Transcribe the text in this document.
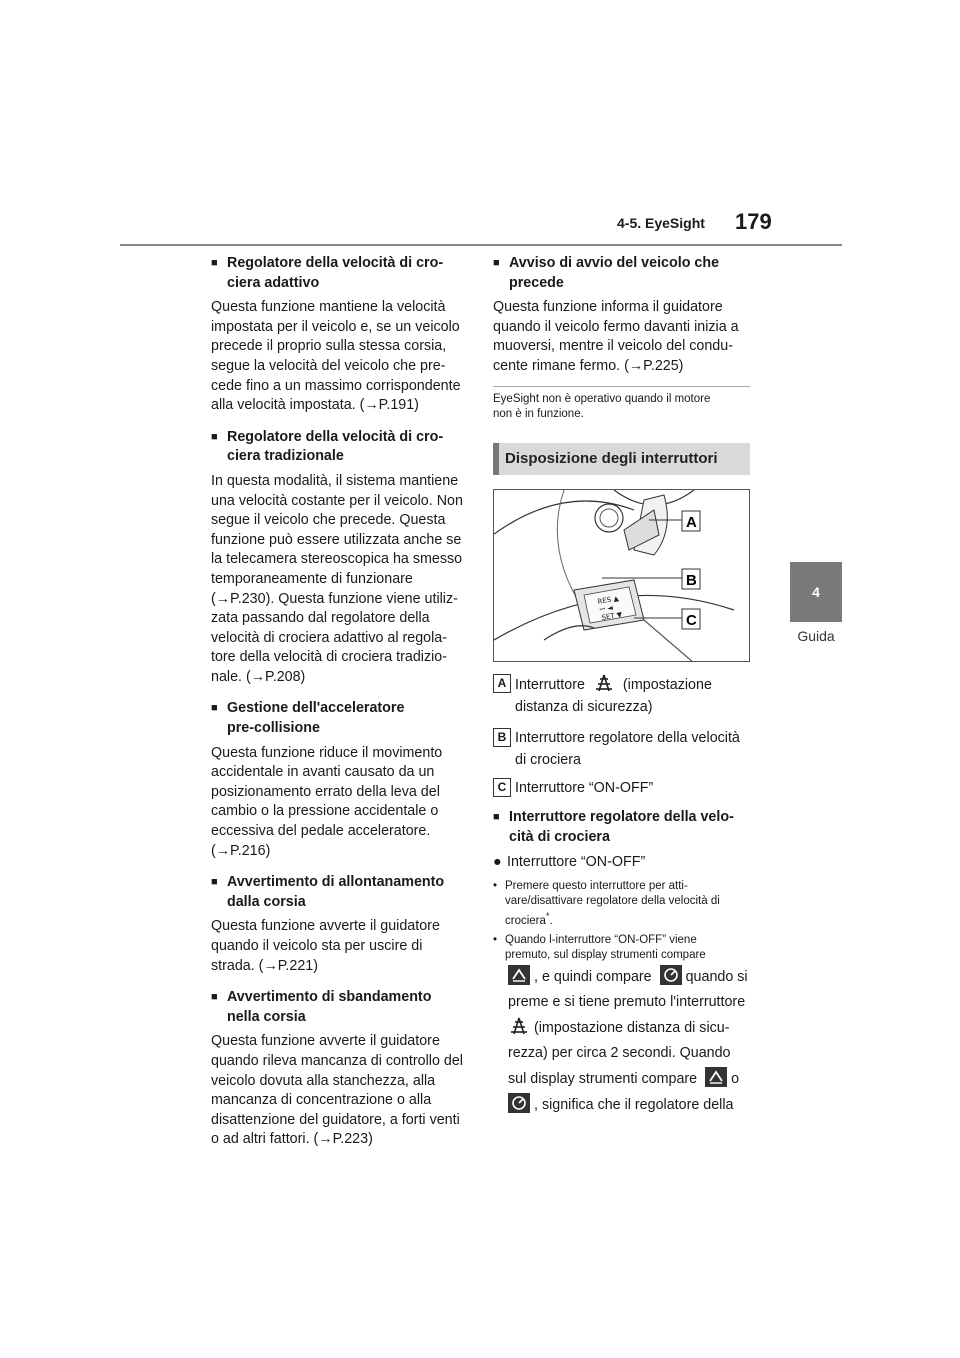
4-5. EyeSight 179
4
Guida
■ Regolatore della velocità di cro-
ciera adattivo
Questa funzione mantiene la velocità
impostata per il veicolo e, se un veicolo
precede il proprio sulla stessa corsia,
segue la velocità del veicolo che pre-
cede fino a un massimo corrispondente
alla velocità impostata. (→P.191)
■ Regolatore della velocità di cro-
ciera tradizionale
In questa modalità, il sistema mantiene
una velocità costante per il veicolo. Non
segue il veicolo che precede. Questa
funzione può essere utilizzata anche se
la telecamera stereoscopica ha smesso
temporaneamente di funzionare
(→P.230). Questa funzione viene utiliz-
zata passando dal regolatore della
velocità di crociera adattivo al regola-
tore della velocità di crociera tradizio-
nale. (→P.208)
■ Gestione dell'acceleratore
pre-collisione
Questa funzione riduce il movimento
accidentale in avanti causato da un
posizionamento errato della leva del
cambio o la pressione accidentale o
eccessiva del pedale acceleratore.
(→P.216)
■ Avvertimento di allontanamento
dalla corsia
Questa funzione avverte il guidatore
quando il veicolo sta per uscire di
strada. (→P.221)
■ Avvertimento di sbandamento
nella corsia
Questa funzione avverte il guidatore
quando rileva mancanza di controllo del
veicolo dovuta alla stanchezza, alla
mancanza di concentrazione o alla
disattenzione del guidatore, a forti venti
o ad altri fattori. (→P.223)
■ Avviso di avvio del veicolo che
precede
Questa funzione informa il guidatore
quando il veicolo fermo davanti inizia a
muoversi, mentre il veicolo del condu-
cente rimane fermo. (→P.225)
EyeSight non è operativo quando il motore
non è in funzione.
Disposizione degli interruttori
RES ▲
ꟷ ◄
SET ▼
A
B
C
A Interruttore	(impostazione
distanza di sicurezza)
B Interruttore regolatore della velocità
di crociera
C Interruttore “ON-OFF”
■ Interruttore regolatore della velo-
cità di crociera
● Interruttore “ON-OFF”
• Premere questo interruttore per atti-
vare/disattivare regolatore della velocità di
crociera*.
• Quando l-interruttore “ON-OFF” viene
premuto, sul display strumenti compare
, e quindi compare quando si
preme e si tiene premuto l'interruttore
(impostazione distanza di sicu-
rezza) per circa 2 secondi. Quando
sul display strumenti compare o
, significa che il regolatore della
